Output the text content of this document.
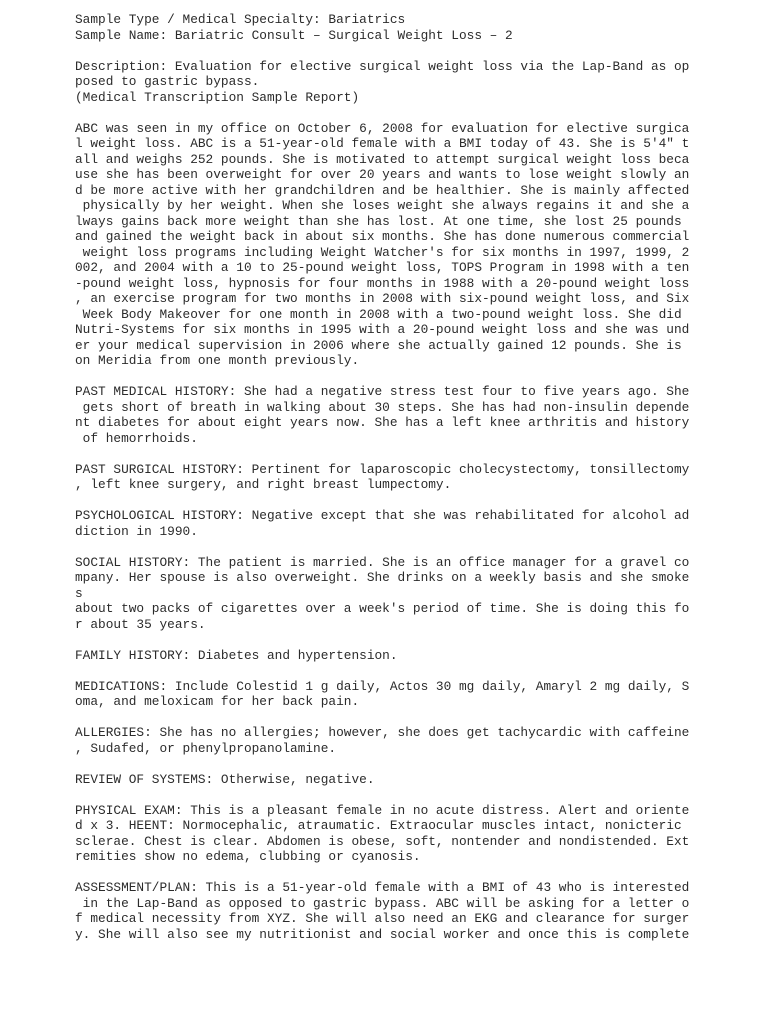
Sample Type / Medical Specialty: Bariatrics
Sample Name: Bariatric Consult – Surgical Weight Loss – 2
Description: Evaluation for elective surgical weight loss via the Lap-Band as op
posed to gastric bypass.
(Medical Transcription Sample Report)
ABC was seen in my office on October 6, 2008 for evaluation for elective surgica
l weight loss. ABC is a 51-year-old female with a BMI today of 43. She is 5'4" t
all and weighs 252 pounds. She is motivated to attempt surgical weight loss beca
use she has been overweight for over 20 years and wants to lose weight slowly an
d be more active with her grandchildren and be healthier. She is mainly affected
physically by her weight. When she loses weight she always regains it and she a
lways gains back more weight than she has lost. At one time, she lost 25 pounds
and gained the weight back in about six months. She has done numerous commercial
weight loss programs including Weight Watcher's for six months in 1997, 1999, 2
002, and 2004 with a 10 to 25-pound weight loss, TOPS Program in 1998 with a ten
-pound weight loss, hypnosis for four months in 1988 with a 20-pound weight loss
, an exercise program for two months in 2008 with six-pound weight loss, and Six
Week Body Makeover for one month in 2008 with a two-pound weight loss. She did
Nutri-Systems for six months in 1995 with a 20-pound weight loss and she was und
er your medical supervision in 2006 where she actually gained 12 pounds. She is
on Meridia from one month previously.
PAST MEDICAL HISTORY: She had a negative stress test four to five years ago. She
gets short of breath in walking about 30 steps. She has had non-insulin depende
nt diabetes for about eight years now. She has a left knee arthritis and history
of hemorrhoids.
PAST SURGICAL HISTORY: Pertinent for laparoscopic cholecystectomy, tonsillectomy
, left knee surgery, and right breast lumpectomy.
PSYCHOLOGICAL HISTORY: Negative except that she was rehabilitated for alcohol ad
diction in 1990.
SOCIAL HISTORY: The patient is married. She is an office manager for a gravel co
mpany. Her spouse is also overweight. She drinks on a weekly basis and she smoke
s
about two packs of cigarettes over a week's period of time. She is doing this fo
r about 35 years.
FAMILY HISTORY: Diabetes and hypertension.
MEDICATIONS: Include Colestid 1 g daily, Actos 30 mg daily, Amaryl 2 mg daily, S
oma, and meloxicam for her back pain.
ALLERGIES: She has no allergies; however, she does get tachycardic with caffeine
, Sudafed, or phenylpropanolamine.
REVIEW OF SYSTEMS: Otherwise, negative.
PHYSICAL EXAM: This is a pleasant female in no acute distress. Alert and oriente
d x 3. HEENT: Normocephalic, atraumatic. Extraocular muscles intact, nonicteric
sclerae. Chest is clear. Abdomen is obese, soft, nontender and nondistended. Ext
remities show no edema, clubbing or cyanosis.
ASSESSMENT/PLAN: This is a 51-year-old female with a BMI of 43 who is interested
in the Lap-Band as opposed to gastric bypass. ABC will be asking for a letter o
f medical necessity from XYZ. She will also need an EKG and clearance for surger
y. She will also see my nutritionist and social worker and once this is complete
